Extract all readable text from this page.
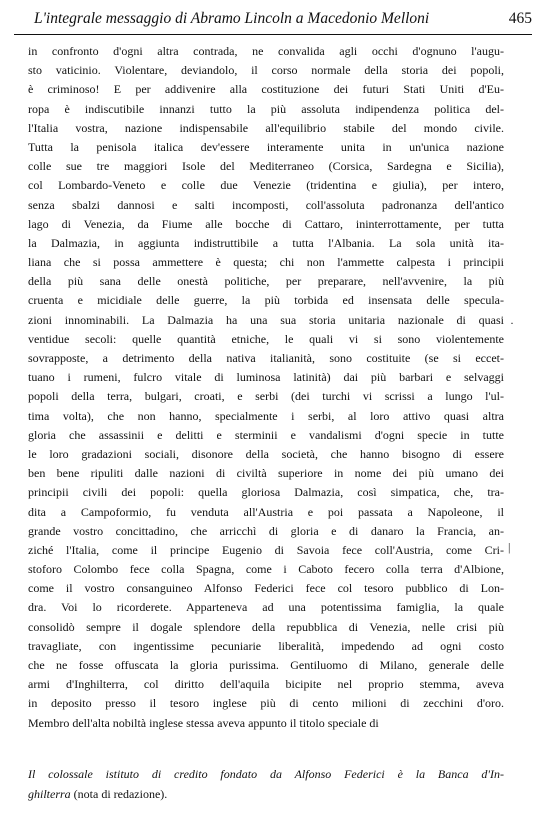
L'integrale messaggio di Abramo Lincoln a Macedonio Melloni	465
in confronto d'ogni altra contrada, ne convalida agli occhi d'ognuno l'augu-
sto vaticinio. Violentare, deviandolo, il corso normale della storia dei popoli,
è criminoso! E per addivenire alla costituzione dei futuri Stati Uniti d'Eu-
ropa è indiscutibile innanzi tutto la più assoluta indipendenza politica del-
l'Italia vostra, nazione indispensabile all'equilibrio stabile del mondo civile.
Tutta la penisola italica dev'essere interamente unita in un'unica nazione
colle sue tre maggiori Isole del Mediterraneo (Corsica, Sardegna e Sicilia),
col Lombardo-Veneto e colle due Venezie (tridentina e giulia), per intero,
senza sbalzi dannosi e salti incomposti, coll'assoluta padronanza dell'antico
lago di Venezia, da Fiume alle bocche di Cattaro, ininterrottamente, per tutta
la Dalmazia, in aggiunta indistruttibile a tutta l'Albania. La sola unità ita-
liana che si possa ammettere è questa; chi non l'ammette calpesta i principii
della più sana delle onestà politiche, per preparare, nell'avvenire, la più
cruenta e micidiale delle guerre, la più torbida ed insensata delle specula-
zioni innominabili. La Dalmazia ha una sua storia unitaria nazionale di quasi
ventidue secoli: quelle quantità etniche, le quali vi si sono violentemente
sovrapposte, a detrimento della nativa italianità, sono costituite (se si eccet-
tuano i rumeni, fulcro vitale di luminosa latinità) dai più barbari e selvaggi
popoli della terra, bulgari, croati, e serbi (dei turchi vi scrissi a lungo l'ul-
tima volta), che non hanno, specialmente i serbi, al loro attivo quasi altra
gloria che assassinii e delitti e sterminii e vandalismi d'ogni specie in tutte
le loro gradazioni sociali, disonore della società, che hanno bisogno di essere
ben bene ripuliti dalle nazioni di civiltà superiore in nome dei più umano dei
principii civili dei popoli: quella gloriosa Dalmazia, così simpatica, che, tra-
dita a Campoformio, fu venduta all'Austria e poi passata a Napoleone, il
grande vostro concittadino, che arricchì di gloria e di danaro la Francia, an-
ziché l'Italia, come il principe Eugenio di Savoia fece coll'Austria, come Cri-
stoforo Colombo fece colla Spagna, come i Caboto fecero colla terra d'Albione,
come il vostro consanguineo Alfonso Federici fece col tesoro pubblico di Lon-
dra. Voi lo ricorderete. Apparteneva ad una potentissima famiglia, la quale
consolidò sempre il dogale splendore della repubblica di Venezia, nelle crisi più
travagliate, con ingentissime pecuniarie liberalità, impedendo ad ogni costo
che ne fosse offuscata la gloria purissima. Gentiluomo di Milano, generale delle
armi d'Inghilterra, col diritto dell'aquila bicipite nel proprio stemma, aveva
in deposito presso il tesoro inglese più di cento milioni di zecchini d'oro.
Membro dell'alta nobiltà inglese stessa aveva appunto il titolo speciale di
·
|
Il colossale istituto di credito fondato da Alfonso Federici è la Banca d'In-
ghilterra (nota di redazione).
